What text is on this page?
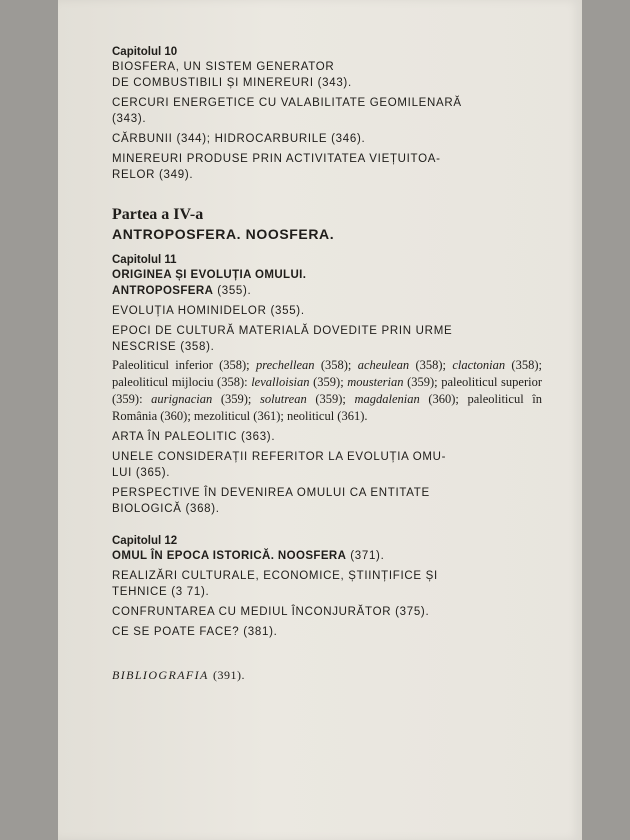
Capitolul 10
BIOSFERA, UN SISTEM GENERATOR
DE COMBUSTIBILI ȘI MINEREURI (343).
CERCURI ENERGETICE CU VALABILITATE GEOMILENARĂ
(343).
CĂRBUNII (344); HIDROCARBURILE (346).
MINEREURI PRODUSE PRIN ACTIVITATEA VIEȚUITOA-
RELOR (349).
Partea a IV-a
ANTROPOSFERA. NOOSFERA.
Capitolul 11
ORIGINEA ȘI EVOLUȚIA OMULUI.
ANTROPOSFERA (355).
EVOLUȚIA HOMINIDELOR (355).
EPOCI DE CULTURĂ MATERIALĂ DOVEDITE PRIN URME
NESCRISE (358).
Paleoliticul inferior (358); prechellean (358); acheulean (358); clactonian (358); paleoliticul mijlociu (358): levalloisian (359); mousterian (359); paleoliticul superior (359): aurignacian (359); solutrean (359); magdalenian (360); paleoliticul în România (360); mezoliticul (361); neoliticul (361).
ARTA ÎN PALEOLITIC (363).
UNELE CONSIDERAȚII REFERITOR LA EVOLUȚIA OMU-
LUI (365).
PERSPECTIVE ÎN DEVENIREA OMULUI CA ENTITATE
BIOLOGICĂ (368).
Capitolul 12
OMUL ÎN EPOCA ISTORICĂ. NOOSFERA (371).
REALIZĂRI CULTURALE, ECONOMICE, ȘTIINȚIFICE ȘI
TEHNICE (3 71).
CONFRUNTAREA CU MEDIUL ÎNCONJURĂTOR (375).
CE SE POATE FACE? (381).
BIBLIOGRAFIA (391).
